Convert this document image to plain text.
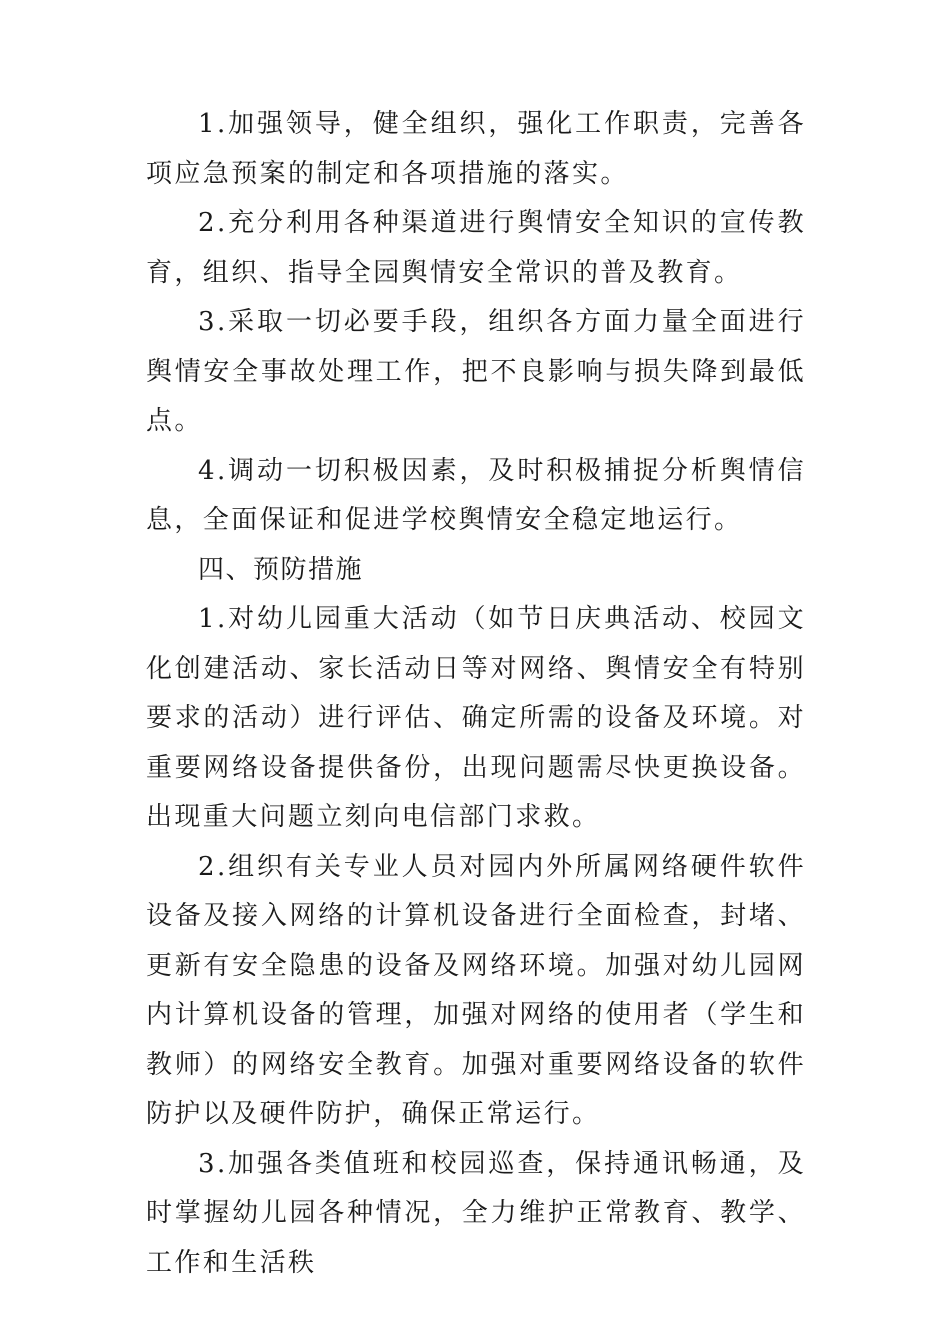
1.加强领导，健全组织，强化工作职责，完善各项应急预案的制定和各项措施的落实。

2.充分利用各种渠道进行舆情安全知识的宣传教育，组织、指导全园舆情安全常识的普及教育。

3.采取一切必要手段，组织各方面力量全面进行舆情安全事故处理工作，把不良影响与损失降到最低点。

4.调动一切积极因素，及时积极捕捉分析舆情信息，全面保证和促进学校舆情安全稳定地运行。

四、预防措施

1.对幼儿园重大活动（如节日庆典活动、校园文化创建活动、家长活动日等对网络、舆情安全有特别要求的活动）进行评估、确定所需的设备及环境。对重要网络设备提供备份，出现问题需尽快更换设备。出现重大问题立刻向电信部门求救。

2.组织有关专业人员对园内外所属网络硬件软件设备及接入网络的计算机设备进行全面检查，封堵、更新有安全隐患的设备及网络环境。加强对幼儿园网内计算机设备的管理，加强对网络的使用者（学生和教师）的网络安全教育。加强对重要网络设备的软件防护以及硬件防护，确保正常运行。

3.加强各类值班和校园巡查，保持通讯畅通，及时掌握幼儿园各种情况，全力维护正常教育、教学、工作和生活秩
